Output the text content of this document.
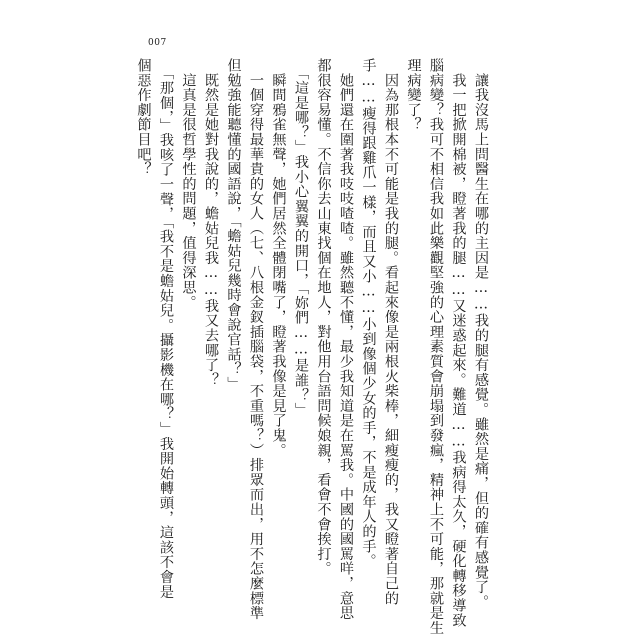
007
　讓我沒馬上問醫生在哪的主因是……我的腿有感覺。雖然是痛，但的確有感覺了。
　我一把掀開棉被，瞪著我的腿……又迷惑起來。難道……我病得太久，硬化轉移導致
腦病變？我可不相信我如此樂觀堅強的心理素質會崩塌到發瘋，精神上不可能，那就是生
理病變了？
　因為那根本不可能是我的腿。看起來像是兩根火柴棒，細瘦瘦的，我又瞪著自己的
手……瘦得跟雞爪一樣，而且又小……小到像個少女的手，不是成年人的手。
　她們還在圍著我吱吱喳喳。雖然聽不懂，最少我知道是在罵我。中國的國罵咩，意思
都很容易懂。不信你去山東找個在地人，對他用台語問候娘親，看會不會挨打。
　「這是哪？」我小心翼翼的開口，「妳們……是誰？」
　瞬間鴉雀無聲，她們居然全體閉嘴了，瞪著我像是見了鬼。
　一個穿得最華貴的女人（七、八根金釵插腦袋，不重嗎？）排眾而出，用不怎麼標準
但勉強能聽懂的國語說，「蟾姑兒幾時會說官話？」
　既然是她對我說的，蟾姑兒我……我又去哪了？
　這真是很哲學性的問題，值得深思。
　「那個，」我咳了一聲，「我不是蟾姑兒。攝影機在哪？」我開始轉頭，這該不會是
個惡作劇節目吧？
